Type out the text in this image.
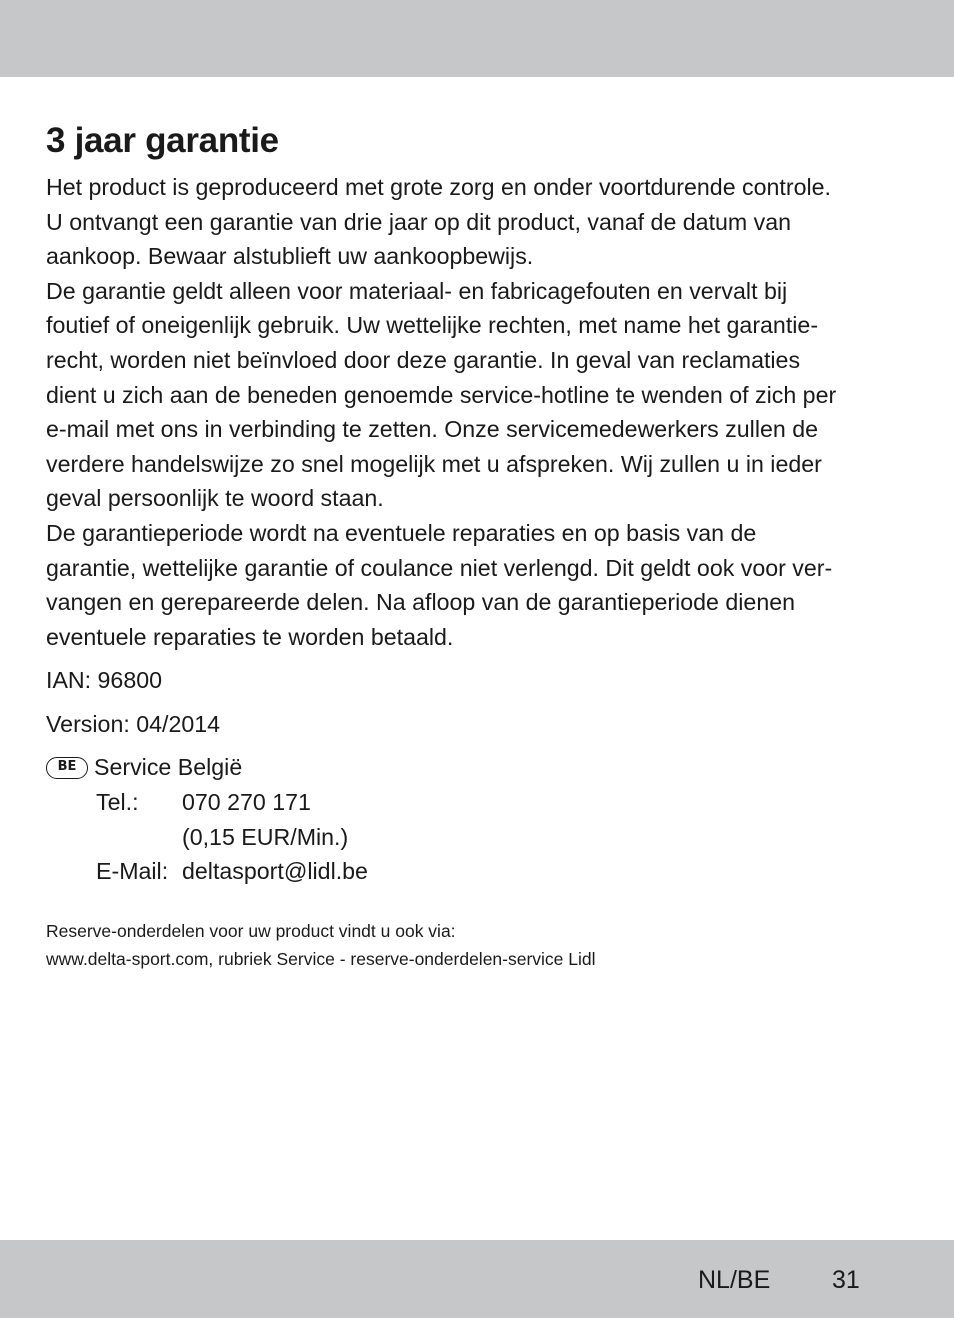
3 jaar garantie

Het product is geproduceerd met grote zorg en onder voortdurende controle.
U ontvangt een garantie van drie jaar op dit product, vanaf de datum van
aankoop. Bewaar alstublieft uw aankoopbewijs.

De garantie geldt alleen voor materiaal- en fabricagefouten en vervalt bij
foutief of oneigenlijk gebruik. Uw wettelijke rechten, met name het garantie-
recht, worden niet beïnvloed door deze garantie. In geval van reclamaties
dient u zich aan de beneden genoemde service-hotline te wenden of zich per
e-mail met ons in verbinding te zetten. Onze servicemedewerkers zullen de
verdere handelswijze zo snel mogelijk met u afspreken. Wij zullen u in ieder
geval persoonlijk te woord staan.

De garantieperiode wordt na eventuele reparaties en op basis van de
garantie, wettelijke garantie of coulance niet verlengd. Dit geldt ook voor ver-
vangen en gerepareerde delen. Na afloop van de garantieperiode dienen
eventuele reparaties te worden betaald.

IAN: 96800
Version: 04/2014
BE Service België
Tel.:	070 270 171
(0,15 EUR/Min.)
E-Mail: deltasport@lidl.be
Reserve-onderdelen voor uw product vindt u ook via:
www.delta-sport.com, rubriek Service - reserve-onderdelen-service Lidl
NL/BE 31
